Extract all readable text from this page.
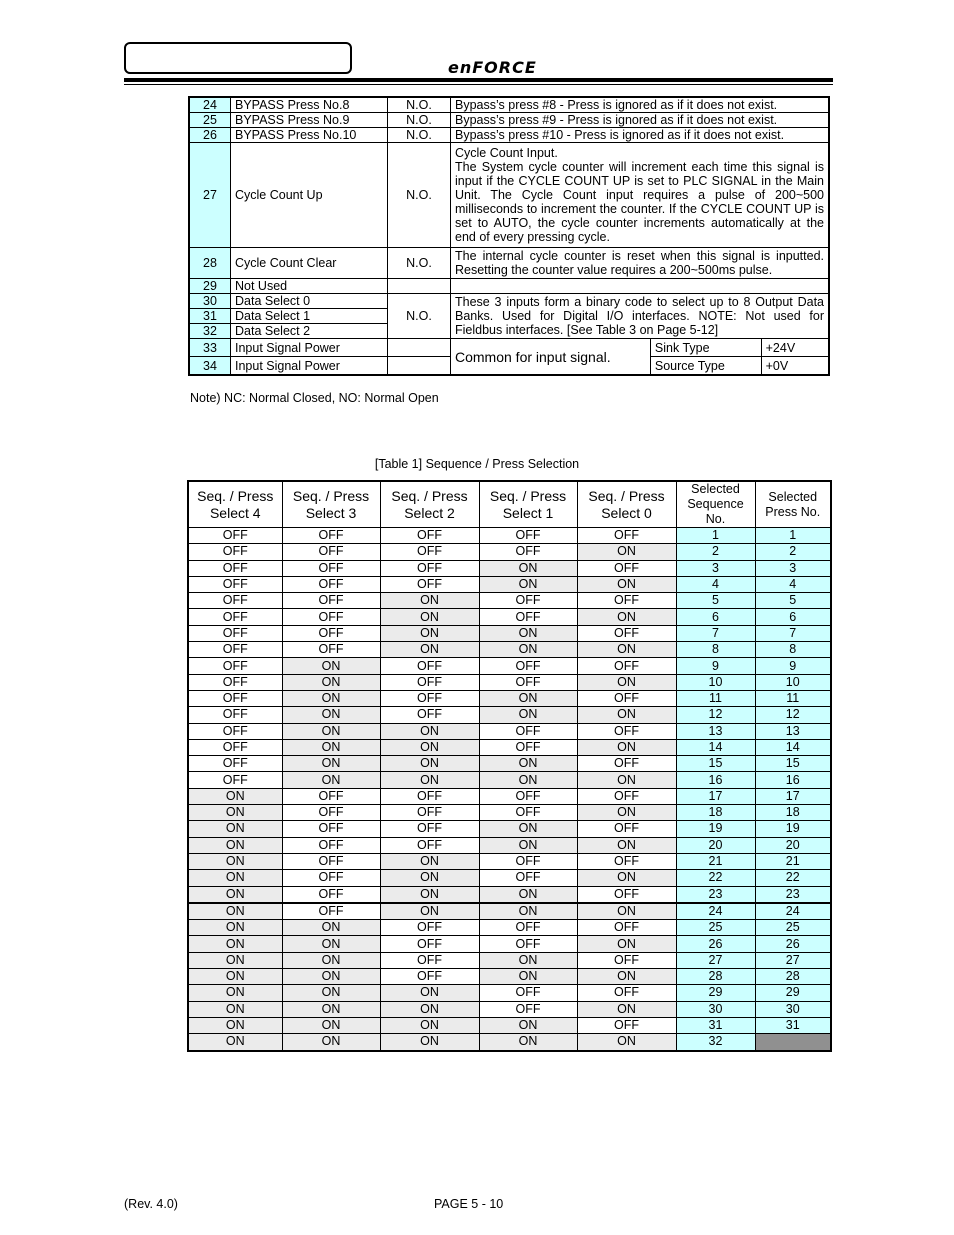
enFORCE
24	BYPASS Press No.8	N.O.	Bypass’s press #8 - Press is ignored as if it does not exist.		
25	BYPASS Press No.9	N.O.	Bypass’s press #9 - Press is ignored as if it does not exist.		
26	BYPASS Press No.10	N.O.	Bypass’s press #10 - Press is ignored as if it does not exist.		
27	Cycle Count Up	N.O.	Cycle Count Input.
The System cycle counter will increment each time this signal is input if the CYCLE COUNT UP is set to PLC SIGNAL in the Main Unit. The Cycle Count input requires a pulse of 200~500 milliseconds to increment the counter. If the CYCLE COUNT UP is set to AUTO, the cycle counter increments automatically at the end of every pressing cycle.		
28	Cycle Count Clear	N.O.	The internal cycle counter is reset when this signal is inputted. Resetting the counter value requires a 200~500ms pulse.		
29	Not Used				
30	Data Select 0	N.O.	These 3 inputs form a binary code to select up to 8 Output Data Banks. Used for Digital I/O interfaces. NOTE: Not used for Fieldbus interfaces. [See Table 3 on Page 5-12]		
31	Data Select 1				
32	Data Select 2				
33	Input Signal Power		Common for input signal.	Sink Type	+24V
34	Input Signal Power			Source Type	+0V
Note) NC: Normal Closed, NO: Normal Open
[Table 1] Sequence / Press Selection
Seq. / Press Select 4	Seq. / Press Select 3	Seq. / Press Select 2	Seq. / Press Select 1	Seq. / Press Select 0	Selected Sequence No.	Selected Press No.
OFF	OFF	OFF	OFF	OFF	1	1
OFF	OFF	OFF	OFF	ON	2	2
OFF	OFF	OFF	ON	OFF	3	3
OFF	OFF	OFF	ON	ON	4	4
OFF	OFF	ON	OFF	OFF	5	5
OFF	OFF	ON	OFF	ON	6	6
OFF	OFF	ON	ON	OFF	7	7
OFF	OFF	ON	ON	ON	8	8
OFF	ON	OFF	OFF	OFF	9	9
OFF	ON	OFF	OFF	ON	10	10
OFF	ON	OFF	ON	OFF	11	11
OFF	ON	OFF	ON	ON	12	12
OFF	ON	ON	OFF	OFF	13	13
OFF	ON	ON	OFF	ON	14	14
OFF	ON	ON	ON	OFF	15	15
OFF	ON	ON	ON	ON	16	16
ON	OFF	OFF	OFF	OFF	17	17
ON	OFF	OFF	OFF	ON	18	18
ON	OFF	OFF	ON	OFF	19	19
ON	OFF	OFF	ON	ON	20	20
ON	OFF	ON	OFF	OFF	21	21
ON	OFF	ON	OFF	ON	22	22
ON	OFF	ON	ON	OFF	23	23
ON	OFF	ON	ON	ON	24	24
ON	ON	OFF	OFF	OFF	25	25
ON	ON	OFF	OFF	ON	26	26
ON	ON	OFF	ON	OFF	27	27
ON	ON	OFF	ON	ON	28	28
ON	ON	ON	OFF	OFF	29	29
ON	ON	ON	OFF	ON	30	30
ON	ON	ON	ON	OFF	31	31
ON	ON	ON	ON	ON	32	
(Rev. 4.0)	PAGE 5 - 10
